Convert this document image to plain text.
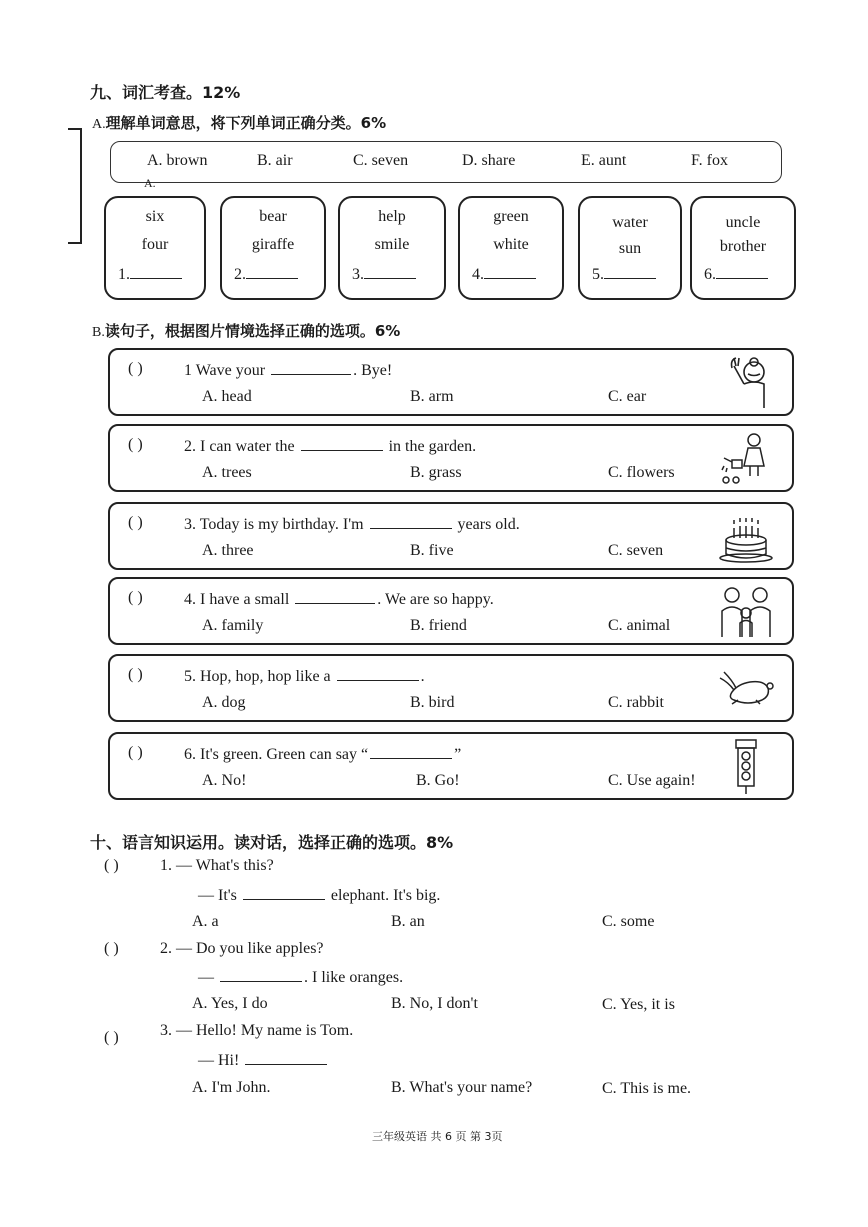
九、词汇考查。12%
A.理解单词意思，将下列单词正确分类。6%
A. brown	B. air	C. seven	D. share	E. aunt	F. fox
A.
six
four
1.
bear
giraffe
2.
help
smile
3.
green
white
4.
water
sun
5.
uncle
brother
6.
B.读句子，根据图片情境选择正确的选项。6%
( )	1 Wave your	. Bye!
A. head	B. arm	C. ear
( )	2. I can water the	in the garden.
A. trees	B. grass	C. flowers
( )	3. Today is my birthday. I'm	years old.
A. three	B. five	C. seven
( )	4. I have a small	. We are so happy.
A. family	B. friend	C. animal
( )	5. Hop, hop, hop like a	.
A. dog	B. bird	C. rabbit
( )	6. It's green. Green can say “	”
A. No!	B. Go!	C. Use again!
十、语言知识运用。读对话，选择正确的选项。8%
( )	1. — What's this?
— It's	elephant. It's big.
A. a	B. an	C. some
( )	2. — Do you like apples?
—	. I like oranges.
A. Yes, I do	B. No, I don't	C. Yes, it is
( )	3. — Hello! My name is Tom.
— Hi!
A. I'm John.	B. What's your name?	C. This is me.
三年级英语 共 6 页 第 3页
